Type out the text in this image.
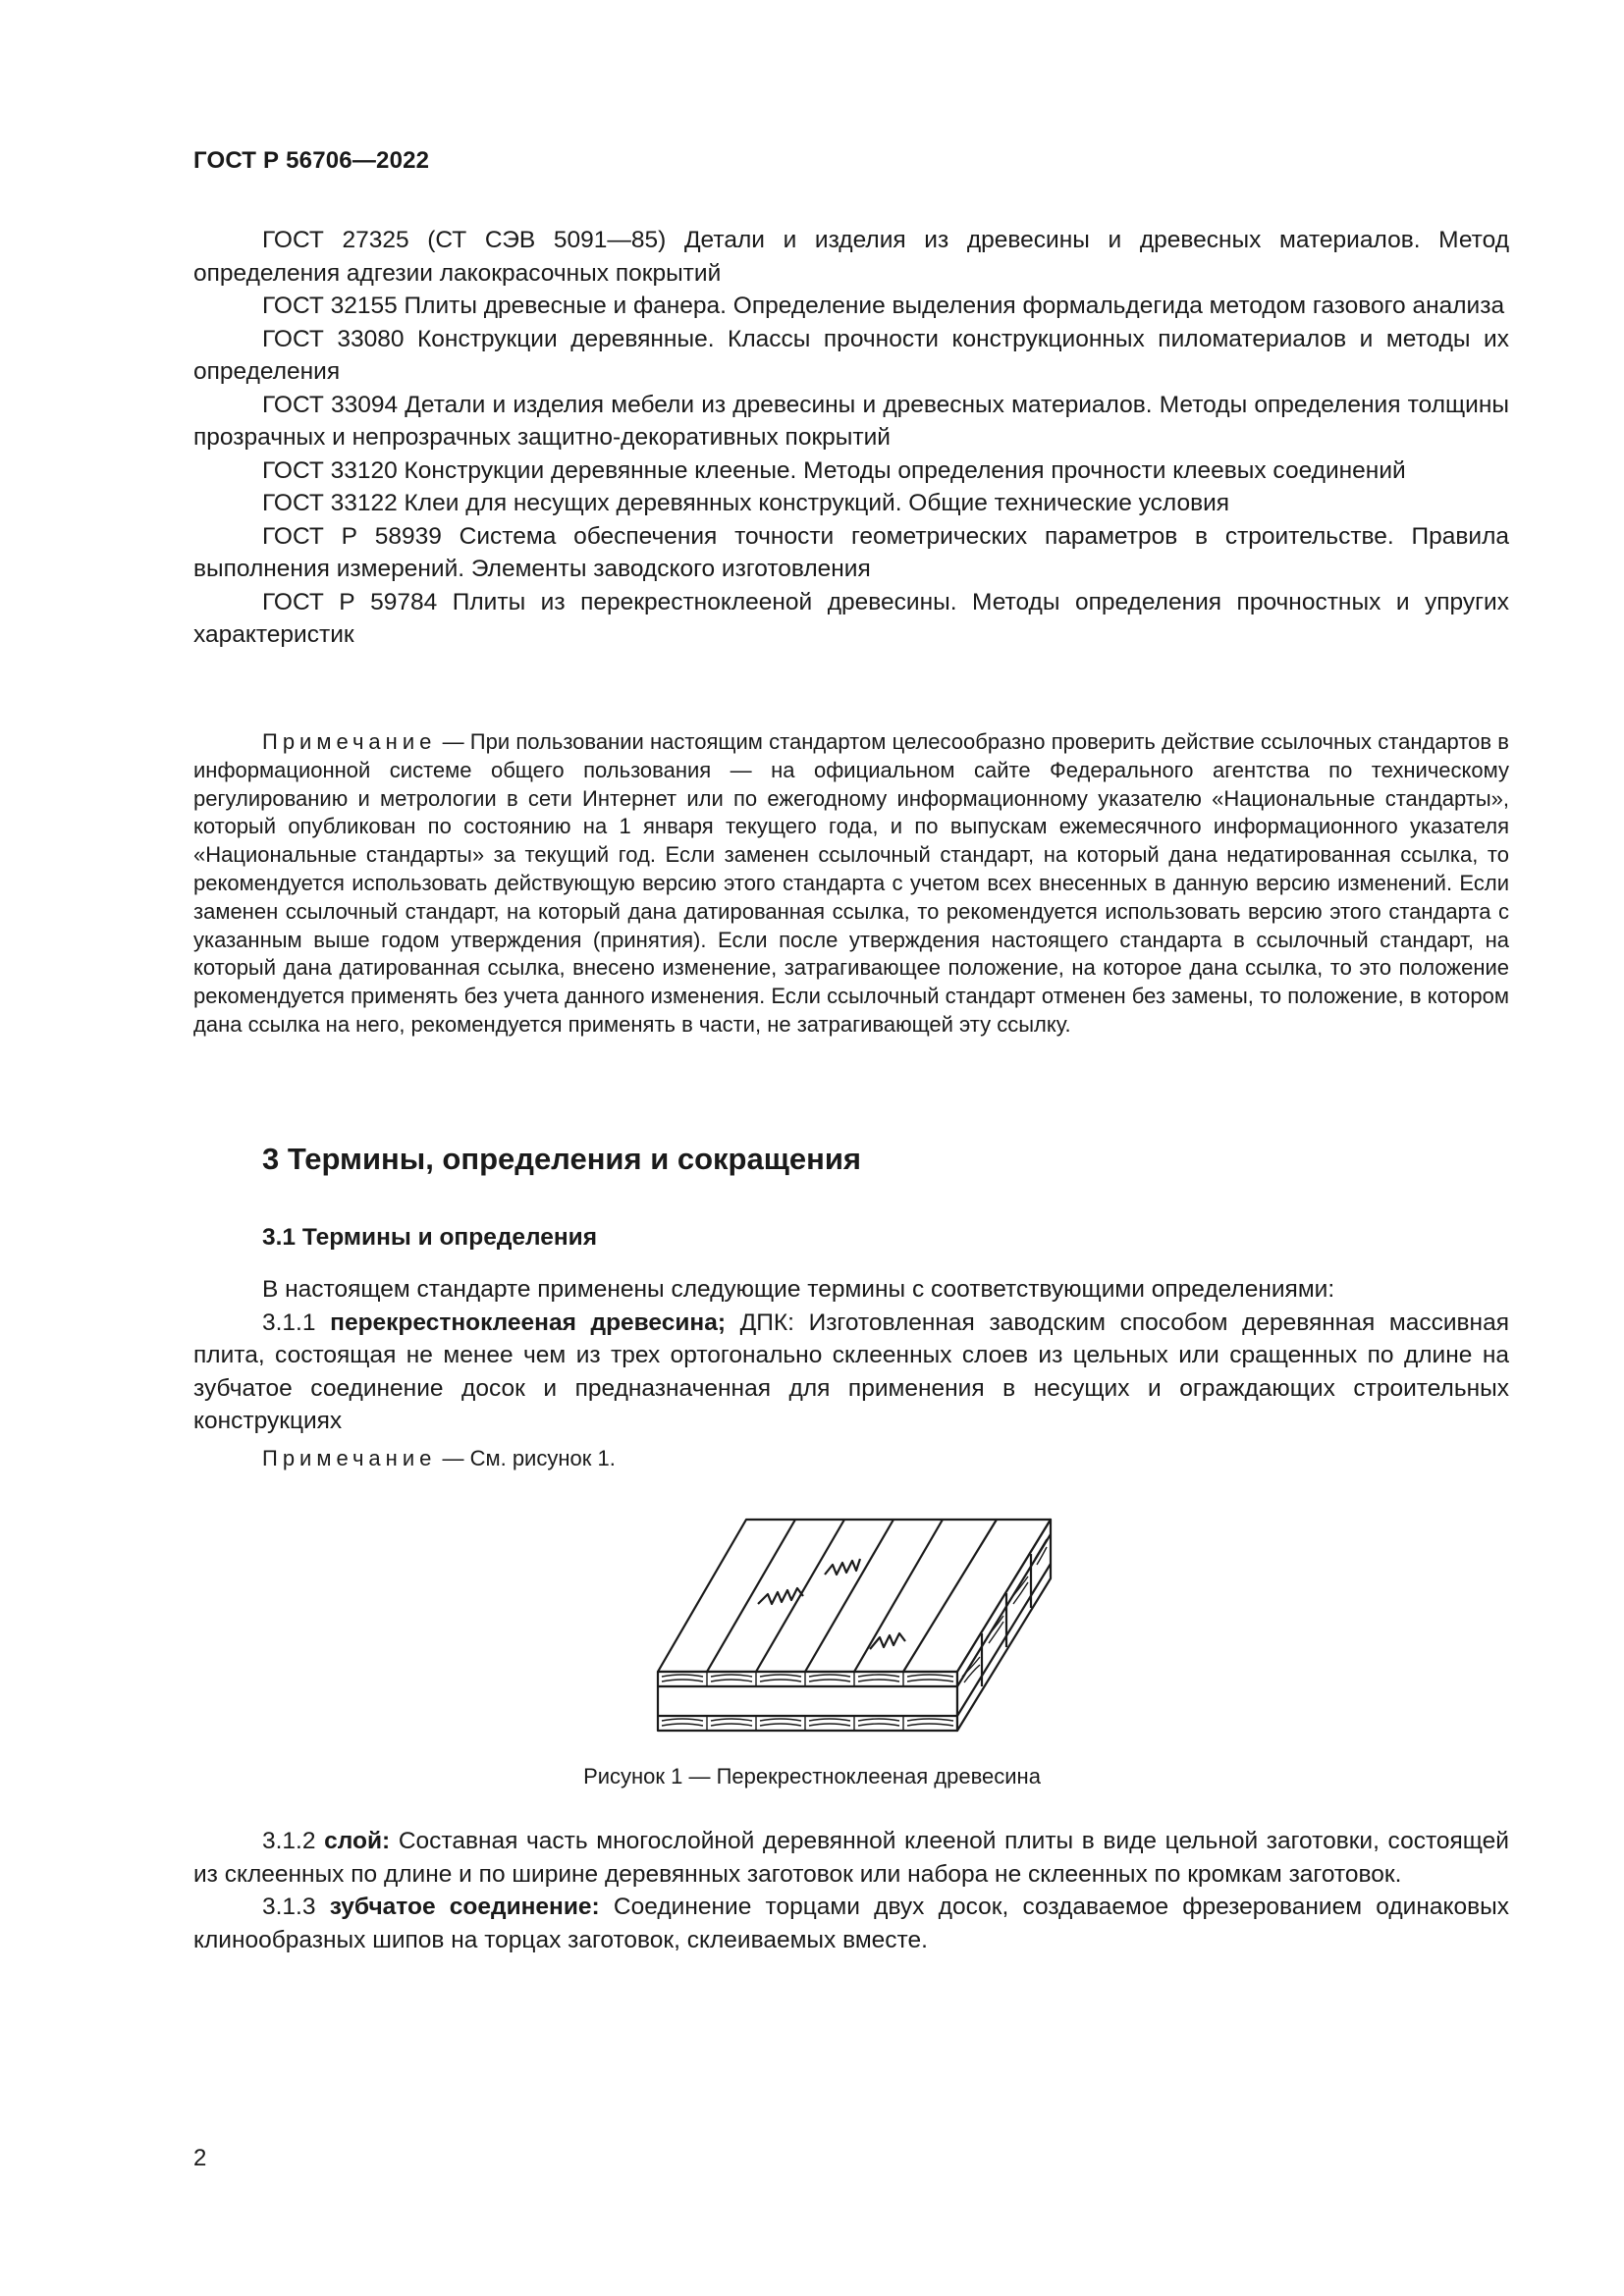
ГОСТ Р 56706—2022

ГОСТ 27325 (СТ СЭВ 5091—85) Детали и изделия из древесины и древесных материалов. Метод определения адгезии лакокрасочных покрытий

ГОСТ 32155 Плиты древесные и фанера. Определение выделения формальдегида методом газового анализа

ГОСТ 33080 Конструкции деревянные. Классы прочности конструкционных пиломатериалов и методы их определения

ГОСТ 33094 Детали и изделия мебели из древесины и древесных материалов. Методы определения толщины прозрачных и непрозрачных защитно-декоративных покрытий

ГОСТ 33120 Конструкции деревянные клееные. Методы определения прочности клеевых соединений

ГОСТ 33122 Клеи для несущих деревянных конструкций. Общие технические условия

ГОСТ Р 58939 Система обеспечения точности геометрических параметров в строительстве. Правила выполнения измерений. Элементы заводского изготовления

ГОСТ Р 59784 Плиты из перекрестноклееной древесины. Методы определения прочностных и упругих характеристик

Примечание — При пользовании настоящим стандартом целесообразно проверить действие ссылочных стандартов в информационной системе общего пользования — на официальном сайте Федерального агентства по техническому регулированию и метрологии в сети Интернет или по ежегодному информационному указателю «Национальные стандарты», который опубликован по состоянию на 1 января текущего года, и по выпускам ежемесячного информационного указателя «Национальные стандарты» за текущий год. Если заменен ссылочный стандарт, на который дана недатированная ссылка, то рекомендуется использовать действующую версию этого стандарта с учетом всех внесенных в данную версию изменений. Если заменен ссылочный стандарт, на который дана датированная ссылка, то рекомендуется использовать версию этого стандарта с указанным выше годом утверждения (принятия). Если после утверждения настоящего стандарта в ссылочный стандарт, на который дана датированная ссылка, внесено изменение, затрагивающее положение, на которое дана ссылка, то это положение рекомендуется применять без учета данного изменения. Если ссылочный стандарт отменен без замены, то положение, в котором дана ссылка на него, рекомендуется применять в части, не затрагивающей эту ссылку.

3 Термины, определения и сокращения
3.1 Термины и определения

В настоящем стандарте применены следующие термины с соответствующими определениями:

3.1.1 перекрестноклееная древесина; ДПК: Изготовленная заводским способом деревянная массивная плита, состоящая не менее чем из трех ортогонально склеенных слоев из цельных или сращенных по длине на зубчатое соединение досок и предназначенная для применения в несущих и ограждающих строительных конструкциях

Примечание — См. рисунок 1.
Рисунок 1 — Перекрестноклееная древесина

3.1.2 слой: Составная часть многослойной деревянной клееной плиты в виде цельной заготовки, состоящей из склеенных по длине и по ширине деревянных заготовок или набора не склеенных по кромкам заготовок.

3.1.3 зубчатое соединение: Соединение торцами двух досок, создаваемое фрезерованием одинаковых клинообразных шипов на торцах заготовок, склеиваемых вместе.

2
